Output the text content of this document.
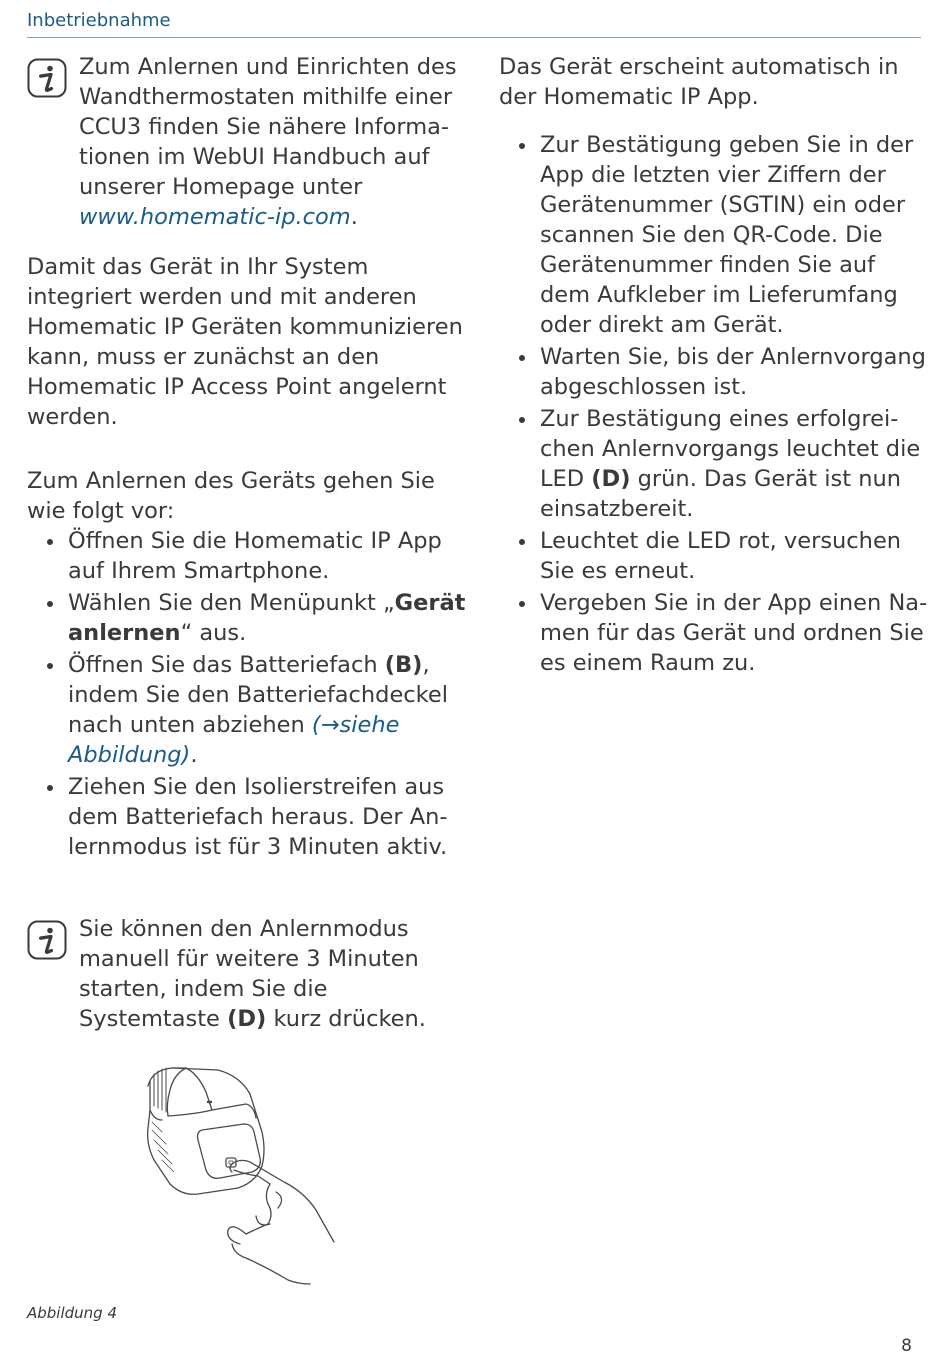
Inbetriebnahme

Zum Anlernen und Einrichten des Wandthermostaten mithilfe einer CCU3 finden Sie nähere Informationen im WebUI Handbuch auf unserer Homepage unter www.homematic-ip.com.

Damit das Gerät in Ihr System integriert werden und mit anderen Homematic IP Geräten kommunizieren kann, muss er zunächst an den Homematic IP Access Point angelernt werden.

Zum Anlernen des Geräts gehen Sie wie folgt vor:

Öffnen Sie die Homematic IP App auf Ihrem Smartphone.
Wählen Sie den Menüpunkt „Gerät anlernen“ aus.
Öffnen Sie das Batteriefach (B), indem Sie den Batteriefachdeckel nach unten abziehen (→siehe Abbildung).
Ziehen Sie den Isolierstreifen aus dem Batteriefach heraus. Der Anlernmodus ist für 3 Minuten aktiv.

Sie können den Anlernmodus manuell für weitere 3 Minuten starten, indem Sie die Systemtaste (D) kurz drücken.

Das Gerät erscheint automatisch in der Homematic IP App.

Zur Bestätigung geben Sie in der App die letzten vier Ziffern der Gerätenummer (SGTIN) ein oder scannen Sie den QR-Code. Die Gerätenummer finden Sie auf dem Aufkleber im Lieferumfang oder direkt am Gerät.
Warten Sie, bis der Anlernvorgang abgeschlossen ist.
Zur Bestätigung eines erfolgreichen Anlernvorgangs leuchtet die LED (D) grün. Das Gerät ist nun einsatzbereit.
Leuchtet die LED rot, versuchen Sie es erneut.
Vergeben Sie in der App einen Namen für das Gerät und ordnen Sie es einem Raum zu.
Abbildung 4
8
